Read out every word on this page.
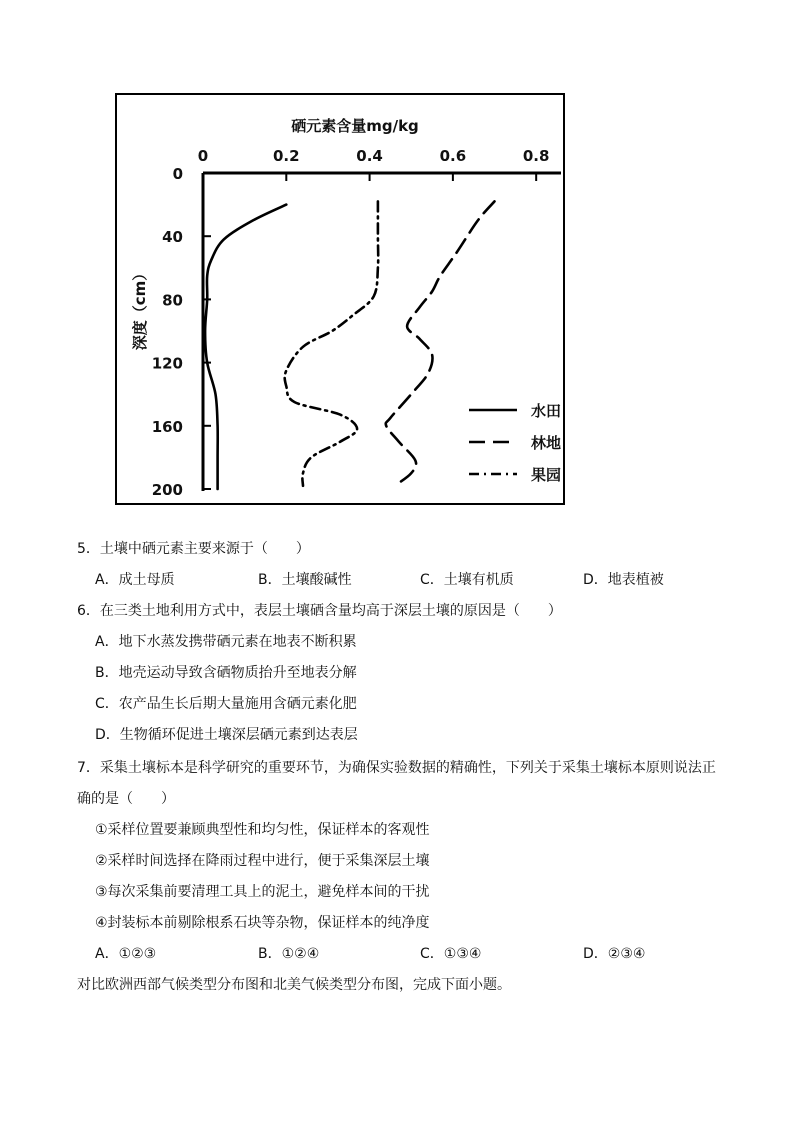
硒元素含量mg/kg
深度（cm）
0	0.2	0.4	0.6	0.8
0
40
80
120
160
200
水田
林地
果园
5．土壤中硒元素主要来源于（　　）
A．成土母质	B．土壤酸碱性	C．土壤有机质	D．地表植被
6．在三类土地利用方式中，表层土壤硒含量均高于深层土壤的原因是（　　）
A．地下水蒸发携带硒元素在地表不断积累
B．地壳运动导致含硒物质抬升至地表分解
C．农产品生长后期大量施用含硒元素化肥
D．生物循环促进土壤深层硒元素到达表层
7．采集土壤标本是科学研究的重要环节，为确保实验数据的精确性，下列关于采集土壤标本原则说法正
确的是（　　）
①采样位置要兼顾典型性和均匀性，保证样本的客观性
②采样时间选择在降雨过程中进行，便于采集深层土壤
③每次采集前要清理工具上的泥土，避免样本间的干扰
④封装标本前剔除根系石块等杂物，保证样本的纯净度
A．①②③	B．①②④	C．①③④	D．②③④
对比欧洲西部气候类型分布图和北美气候类型分布图，完成下面小题。
